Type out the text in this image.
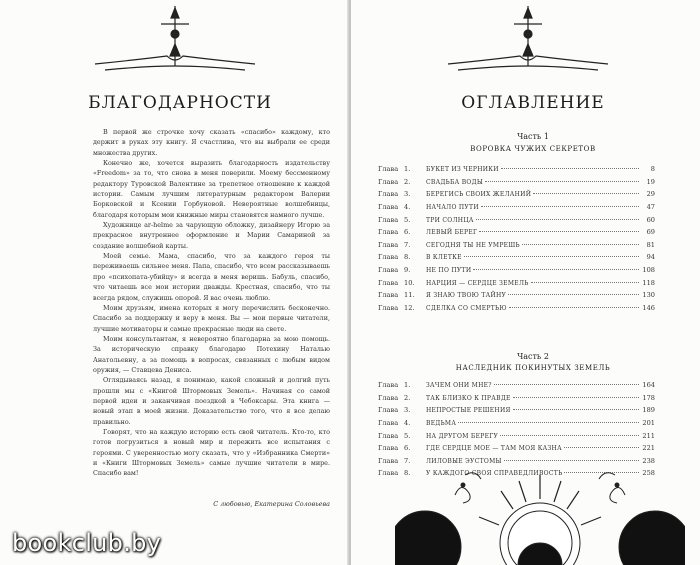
БЛАГОДАРНОСТИ

В первой же строчке хочу сказать «спасибо» каждому, кто держит в руках эту книгу. Я счастлива, что вы выбрали ее среди множества других.

Конечно же, хочется выразить благодарность издательству «Freedom» за то, что снова в меня поверили. Моему бессменному редактору Туровской Валентине за трепетное отношение к каждой истории. Самым лучшим литературным редактором Валерии Борковской и Ксении Горбуновой. Невероятные волшебницы, благодаря которым мои книжные миры становятся намного лучше.

Художнице ar-helme за чарующую обложку, дизайнеру Игорю за прекрасное внутреннее оформление и Марии Самариной за создание волшебной карты.

Моей семье. Мама, спасибо, что за каждого героя ты переживаешь сильнее меня. Папа, спасибо, что всем рассказываешь про «психопата-убийцу» и всегда в меня веришь. Бабуль, спасибо, что читаешь все мои истории дважды. Крестная, спасибо, что ты всегда рядом, служишь опорой. Я вас очень люблю.

Моим друзьям, имена которых я могу перечислить бесконечно. Спасибо за поддержку и веру в меня. Вы — мои первые читатели, лучшие мотиваторы и самые прекрасные люди на свете.

Моим консультантам, я невероятно благодарна за мою помощь. За историческую справку благодарю Потехину Наталью Анатольевну, а за помощь в вопросах, связанных с любым видом оружия, — Ставцева Дениса.

Оглядываясь назад, я понимаю, какой сложный и долгий путь прошли мы с «Книгой Штормовых Земель». Начиная со самой первой идеи и заканчивая поездкой в Чебоксары. Эта книга — новый этап в моей жизни. Доказательство того, что я все делаю правильно.

Говорят, что на каждую историю есть свой читатель. Кто-то, кто готов погрузиться в новый мир и пережить все испытания с героями. С уверенностью могу сказать, что у «Избранника Смерти» и «Книги Штормовых Земель» самые лучшие читатели в мире. Спасибо вам!

С любовью, Екатерина Соловьева
ОГЛАВЛЕНИЕ
Часть 1
ВОРОВКА ЧУЖИХ СЕКРЕТОВ
Глава 1.	БУКЕТ ИЗ ЧЕРНИКИ	8
Глава 2.	СВАДЬБА ВОДЫ	19
Глава 3.	БЕРЕГИСЬ СВОИХ ЖЕЛАНИЙ	29
Глава 4.	НАЧАЛО ПУТИ	47
Глава 5.	ТРИ СОЛНЦА	60
Глава 6.	ЛЕВЫЙ БЕРЕГ	69
Глава 7.	СЕГОДНЯ ТЫ НЕ УМРЕШЬ	81
Глава 8.	В КЛЕТКЕ	94
Глава 9.	НЕ ПО ПУТИ	108
Глава 10.	НАРЦИЯ — СЕРДЦЕ ЗЕМЕЛЬ	118
Глава 11.	Я ЗНАЮ ТВОЮ ТАЙНУ	130
Глава 12.	СДЕЛКА СО СМЕРТЬЮ	146
Часть 2
НАСЛЕДНИК ПОКИНУТЫХ ЗЕМЕЛЬ
Глава 1.	ЗАЧЕМ ОНИ МНЕ?	164
Глава 2.	ТАК БЛИЗКО К ПРАВДЕ	178
Глава 3.	НЕПРОСТЫЕ РЕШЕНИЯ	189
Глава 4.	ВЕДЬМА	201
Глава 5.	НА ДРУГОМ БЕРЕГУ	211
Глава 6.	ГДЕ СЕРДЦЕ МОЕ — ТАМ МОЯ КАЗНА	221
Глава 7.	ЛИЛОВЫЕ ЭУСТОМЫ	238
Глава 8.	У КАЖДОГО СВОЯ СПРАВЕДЛИВОСТЬ	258
509
bookclub.by
